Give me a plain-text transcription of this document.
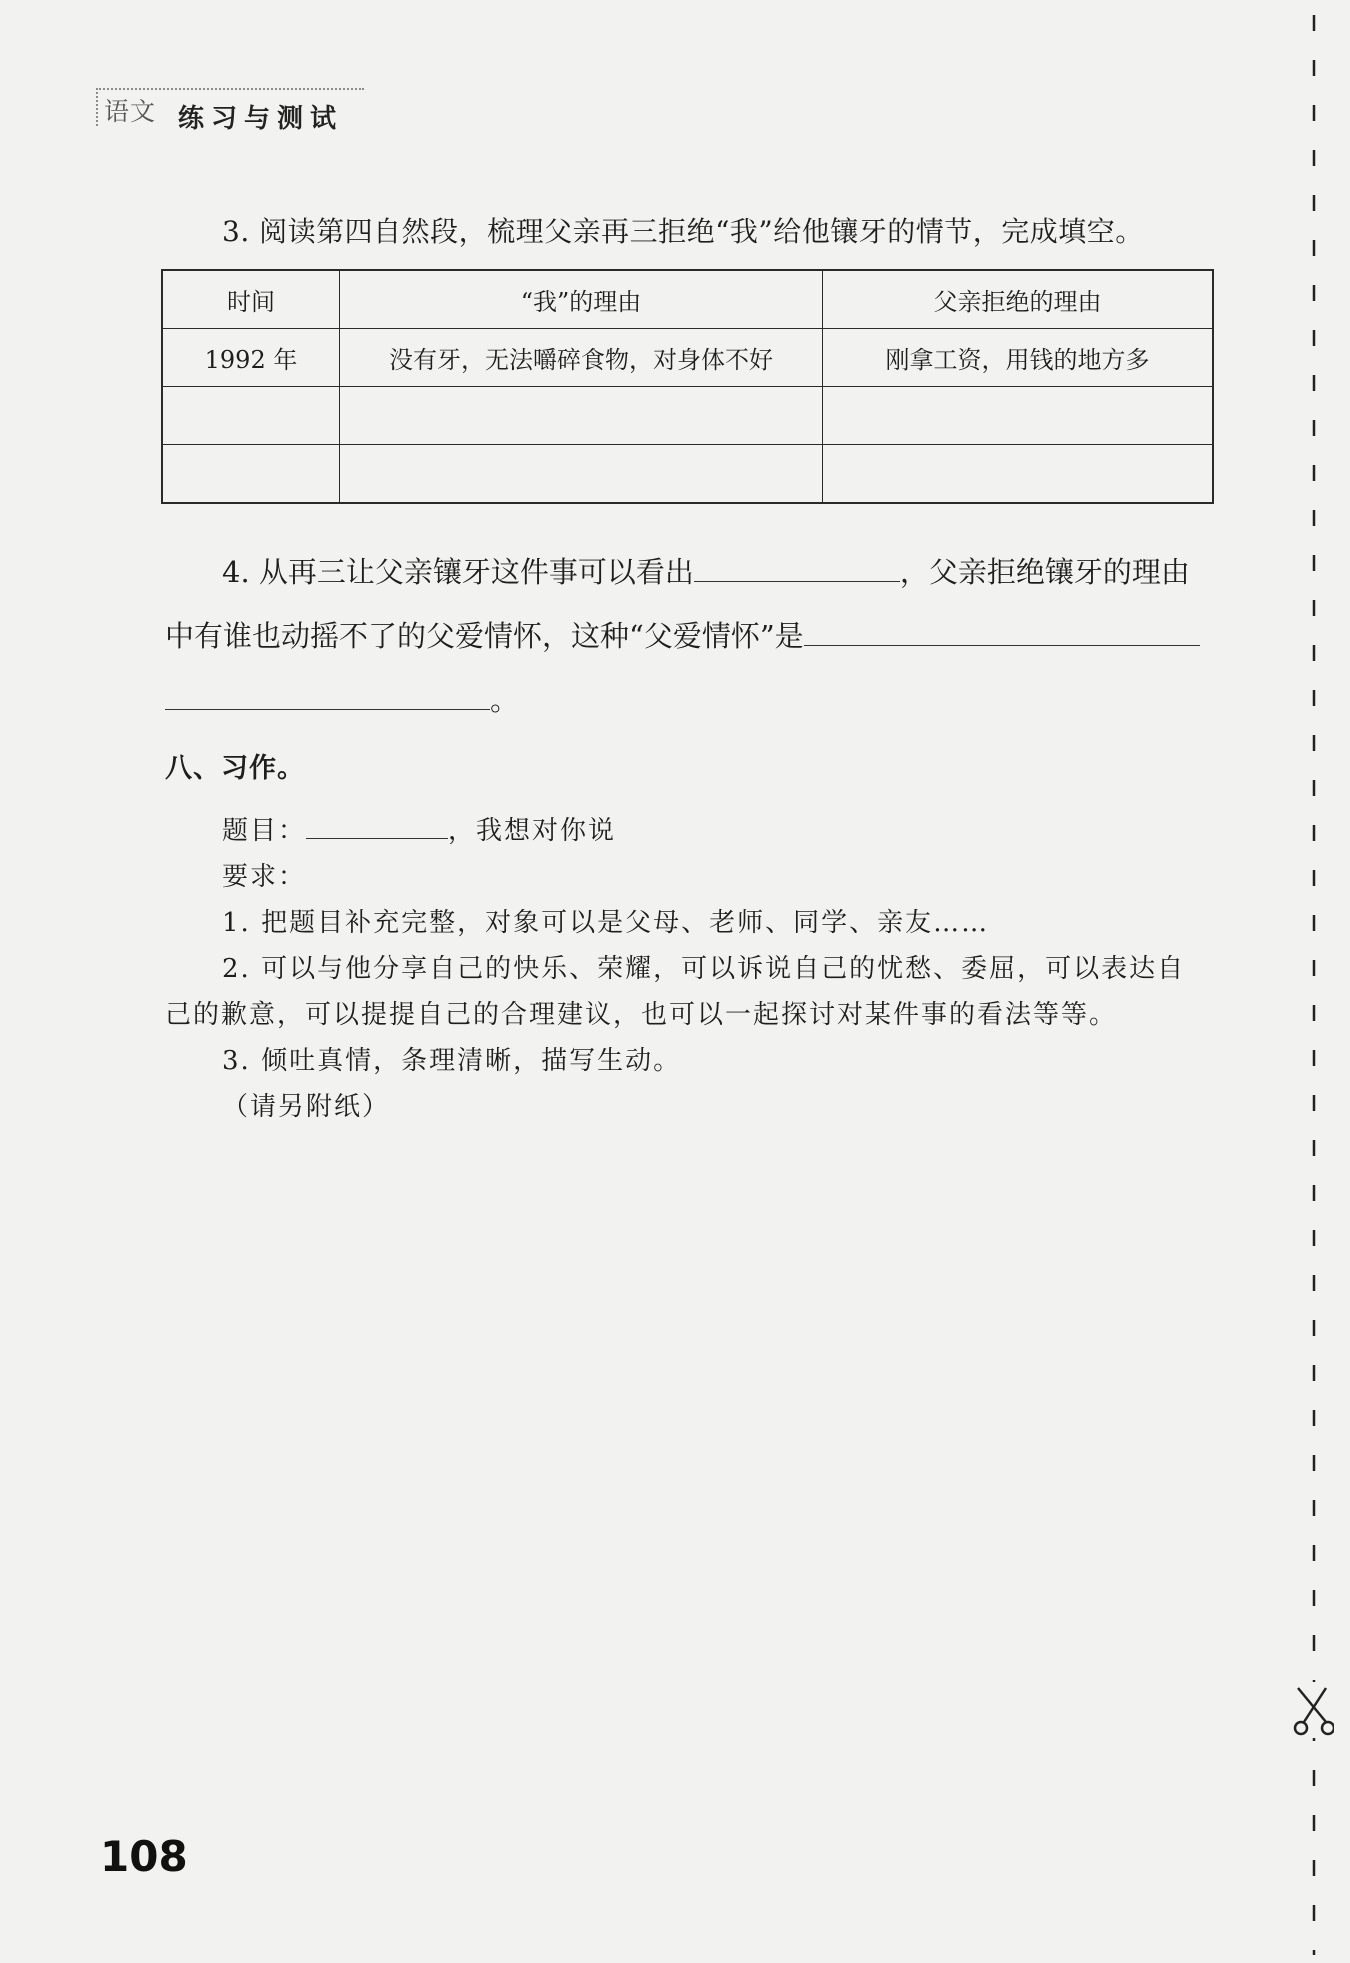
语文 练习与测试
3. 阅读第四自然段，梳理父亲再三拒绝“我”给他镶牙的情节，完成填空。
时间	“我”的理由	父亲拒绝的理由
1992 年	没有牙，无法嚼碎食物，对身体不好	刚拿工资，用钱的地方多

4. 从再三让父亲镶牙这件事可以看出	，父亲拒绝镶牙的理由
中有谁也动摇不了的父爱情怀，这种“父爱情怀”是
。
八、习作。
题目：	，我想对你说
要求：
1. 把题目补充完整，对象可以是父母、老师、同学、亲友……
2. 可以与他分享自己的快乐、荣耀，可以诉说自己的忧愁、委屈，可以表达自
己的歉意，可以提提自己的合理建议，也可以一起探讨对某件事的看法等等。
3. 倾吐真情，条理清晰，描写生动。
（请另附纸）
108
